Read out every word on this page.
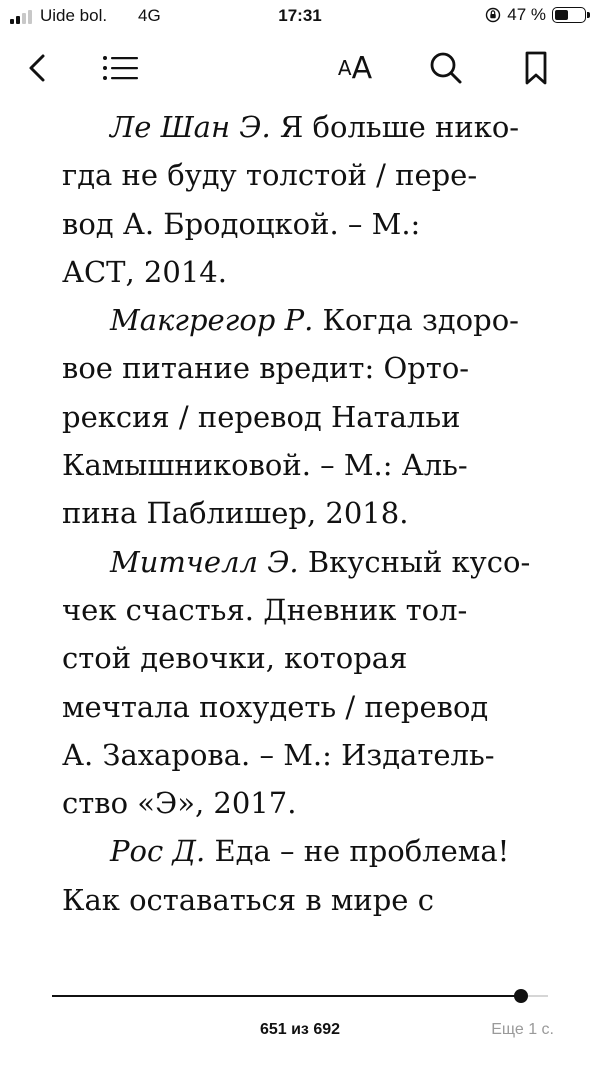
Uide bol. 4G	17:31	47 %
A A

Ле Шан Э. Я больше нико-
гда не буду толстой / пере-
вод А. Бродоцкой. – М.:
АСТ, 2014.

Макгрегор Р. Когда здоро-
вое питание вредит: Орто-
рексия / перевод Натальи
Камышниковой. – М.: Аль-
пина Паблишер, 2018.

Митчелл Э. Вкусный кусо-
чек счастья. Дневник тол-
стой девочки, которая
мечтала похудеть / перевод
А. Захарова. – М.: Издатель-
ство «Э», 2017.

Рос Д. Еда – не проблема!
Как оставаться в мире с

651 из 692	Еще 1 с.
